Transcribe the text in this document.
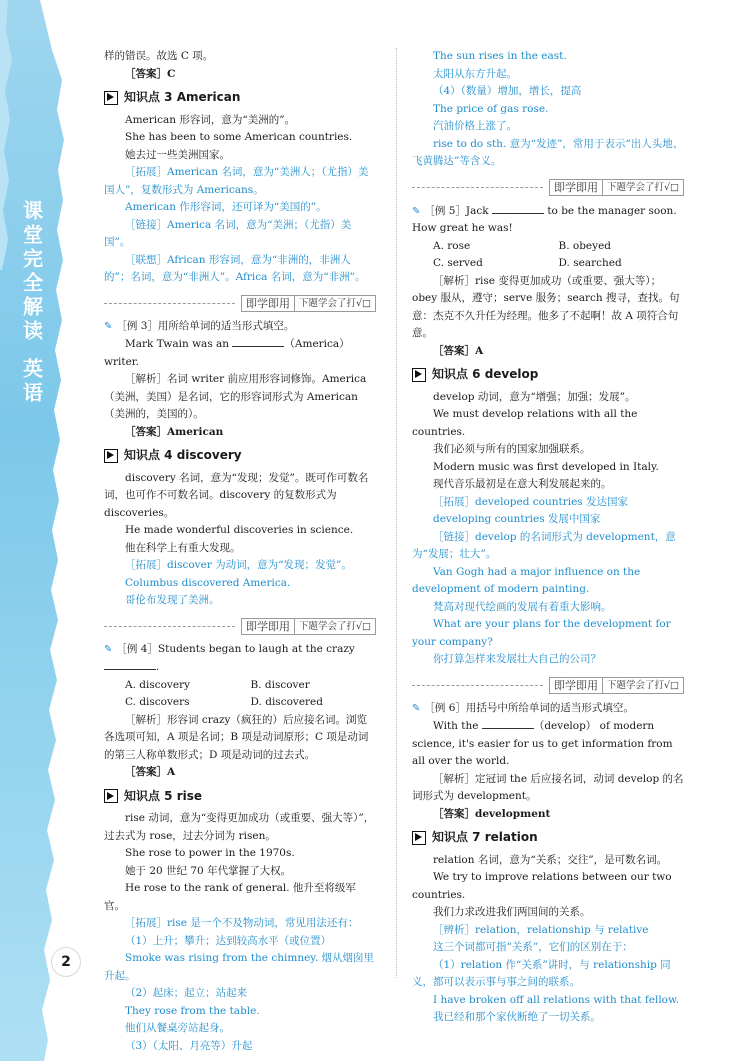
课堂完全解读英语
2

样的错误。故选 C 项。

［答案］C

知识点 3 American

American 形容词，意为“美洲的”。

She has been to some American countries.

她去过一些美洲国家。

［拓展］American 名词，意为“美洲人；（尤指）美国人”，复数形式为 Americans。

American 作形容词，还可译为“美国的”。

［链接］America 名词，意为“美洲；（尤指）美国”。

［联想］African 形容词，意为“非洲的，非洲人的”；名词，意为“非洲人”。Africa 名词，意为“非洲”。

即学即用 下题学会了打√□

✎ ［例 3］用所给单词的适当形式填空。

Mark Twain was an	（America） writer.

［解析］名词 writer 前应用形容词修饰。America（美洲，美国）是名词，它的形容词形式为 American（美洲的，美国的）。

［答案］American

知识点 4 discovery

discovery 名词，意为“发现；发觉”。既可作可数名词，也可作不可数名词。discovery 的复数形式为 discoveries。

He made wonderful discoveries in science.

他在科学上有重大发现。

［拓展］discover 为动词，意为“发现；发觉”。

Columbus discovered America.

哥伦布发现了美洲。

即学即用 下题学会了打√□

✎ ［例 4］Students began to laugh at the crazy .

A. discovery	B. discover
C. discovers	D. discovered

［解析］形容词 crazy（疯狂的）后应接名词。浏览各选项可知，A 项是名词；B 项是动词原形；C 项是动词的第三人称单数形式；D 项是动词的过去式。

［答案］A

知识点 5 rise

rise 动词，意为“变得更加成功（或重要、强大等）”，过去式为 rose，过去分词为 risen。

She rose to power in the 1970s.

她于 20 世纪 70 年代掌握了大权。

He rose to the rank of general. 他升至将级军官。

［拓展］rise 是一个不及物动词，常见用法还有：

（1）上升；攀升；达到较高水平（或位置）

Smoke was rising from the chimney. 烟从烟囱里升起。

（2）起床；起立；站起来

They rose from the table.

他们从餐桌旁站起身。

（3）（太阳、月亮等）升起

The sun rises in the east.

太阳从东方升起。

（4）（数量）增加，增长，提高

The price of gas rose.

汽油价格上涨了。

rise to do sth. 意为“发迹”，常用于表示“出人头地、飞黄腾达”等含义。

即学即用 下题学会了打√□

✎ ［例 5］Jack	to be the manager soon. How great he was!

A. rose	B. obeyed
C. served	D. searched

［解析］rise 变得更加成功（或重要、强大等）；obey 服从，遵守；serve 服务；search 搜寻，查找。句意：杰克不久升任为经理。他多了不起啊！故 A 项符合句意。

［答案］A

知识点 6 develop

develop 动词，意为“增强；加强；发展”。

We must develop relations with all the countries.

我们必须与所有的国家加强联系。

Modern music was first developed in Italy.

现代音乐最初是在意大利发展起来的。

［拓展］developed countries 发达国家

developing countries 发展中国家

［链接］develop 的名词形式为 development，意为“发展；壮大”。

Van Gogh had a major influence on the development of modern painting.

梵高对现代绘画的发展有着重大影响。

What are your plans for the development for your company?

你打算怎样来发展壮大自己的公司？

即学即用 下题学会了打√□

✎ ［例 6］用括号中所给单词的适当形式填空。

With the	（develop） of modern science, it's easier for us to get information from all over the world.

［解析］定冠词 the 后应接名词，动词 develop 的名词形式为 development。

［答案］development

知识点 7 relation

relation 名词，意为“关系；交往”，是可数名词。

We try to improve relations between our two countries.

我们力求改进我们两国间的关系。

［辨析］relation，relationship 与 relative

这三个词都可指“关系”，它们的区别在于：

（1）relation 作“关系”讲时，与 relationship 同义，都可以表示事与事之间的联系。

I have broken off all relations with that fellow.

我已经和那个家伙断绝了一切关系。
